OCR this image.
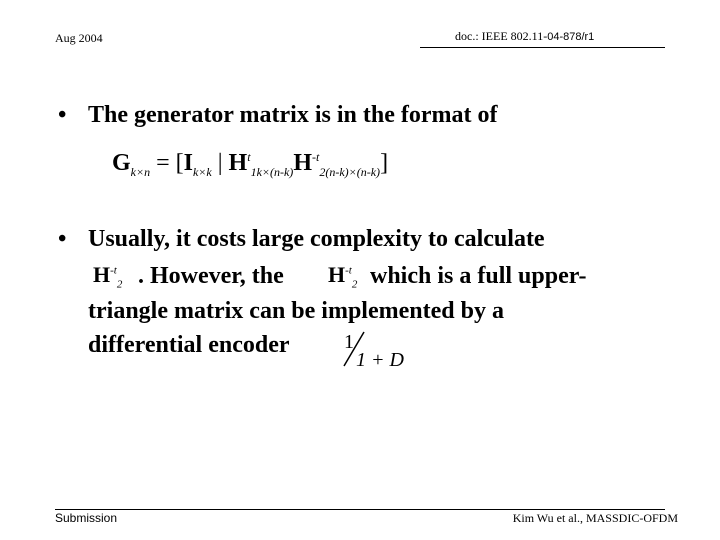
Aug 2004	doc.: IEEE 802.11-04-878/r1
• The generator matrix is in the format of
$G_{k\times n} = [I_{k\times k}$ | $H^t_{1k\times(n-k)}H^{-t}_{2(n-k)\times(n-k)}$]
• Usually, it costs large complexity to calculate
$H^{-t}_2$ . However, the $H^{-t}_2$ which is a full upper-
triangle matrix can be implemented by a
differential encoder	1
1 + D
Submission	Kim Wu et al., MASSDIC-OFDM
